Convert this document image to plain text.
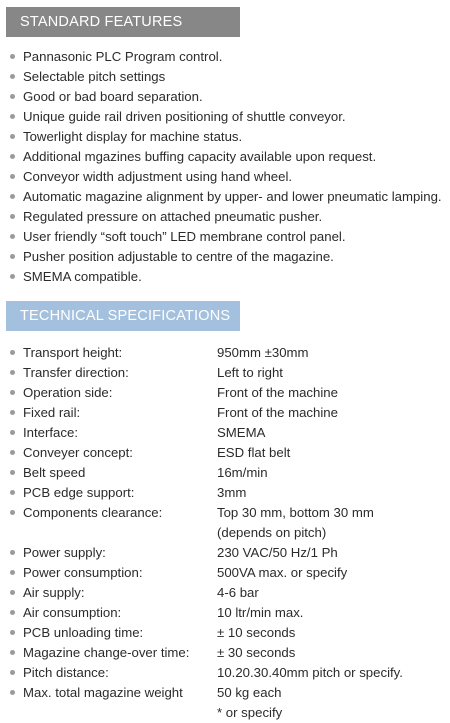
STANDARD FEATURES
Pannasonic PLC Program control.
Selectable pitch settings
Good or bad board separation.
Unique guide rail driven positioning of shuttle conveyor.
Towerlight display for machine status.
Additional mgazines buffing capacity available upon request.
Conveyor width adjustment using hand wheel.
Automatic magazine alignment by upper- and lower pneumatic lamping.
Regulated pressure on attached pneumatic pusher.
User friendly “soft touch” LED membrane control panel.
Pusher position adjustable to centre of the magazine.
SMEMA compatible.
TECHNICAL SPECIFICATIONS
Transport height:	950mm ±30mm
Transfer direction:	Left to right
Operation side:	Front of the machine
Fixed rail:	Front of the machine
Interface:	SMEMA
Conveyer concept:	ESD flat belt
Belt speed	16m/min
PCB edge support:	3mm
Components clearance:	Top 30 mm, bottom 30 mm
(depends on pitch)
Power supply:	230 VAC/50 Hz/1 Ph
Power consumption:	500VA max. or specify
Air supply:	4-6 bar
Air consumption:	10 ltr/min max.
PCB unloading time:	± 10 seconds
Magazine change-over time: ± 30 seconds
Pitch distance:	10.20.30.40mm pitch or specify.
Max. total magazine weight	50 kg each
* or specify
